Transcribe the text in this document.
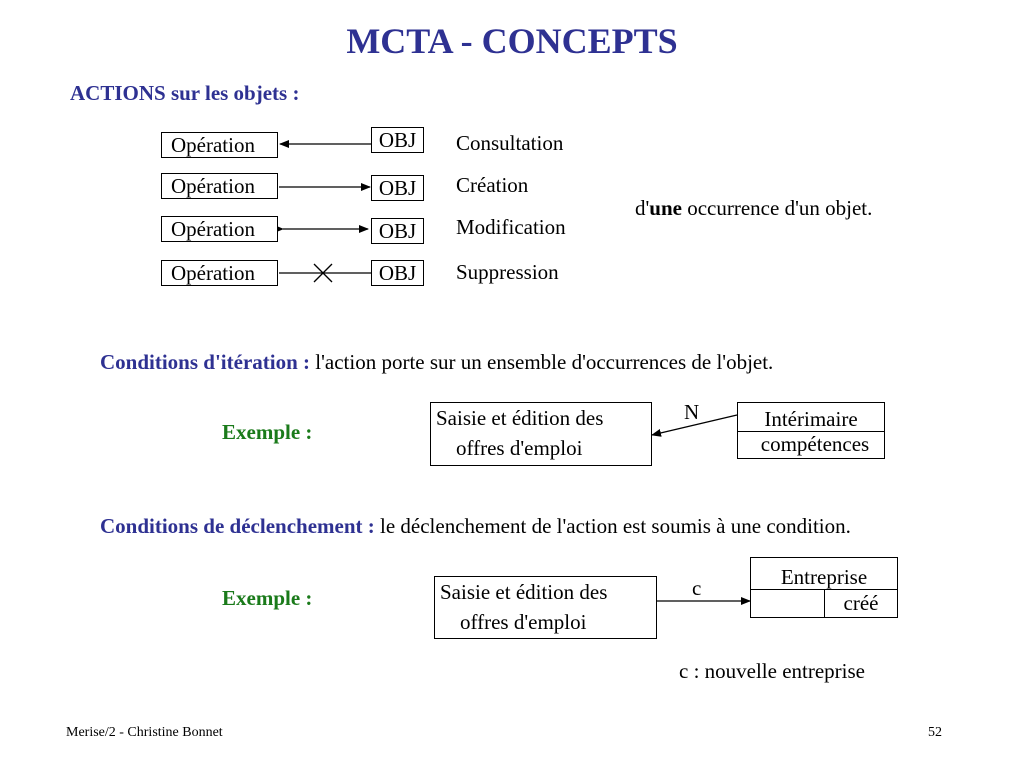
MCTA - CONCEPTS
ACTIONS sur les objets :
Opération	OBJ	Consultation
Opération	OBJ	Création
Opération	OBJ	Modification
Opération	OBJ	Suppression
d'une occurrence d'un objet.
Conditions d'itération : l'action porte sur un ensemble d'occurrences de l'objet.
Exemple :
Saisie et édition des
offres d'emploi
N	Intérimaire
compétences
Conditions de déclenchement : le déclenchement de l'action est soumis à une condition.
Exemple :	Saisie et édition des
offres d'emploi
c	Entreprise
créé
c : nouvelle entreprise
Merise/2 - Christine Bonnet	52
